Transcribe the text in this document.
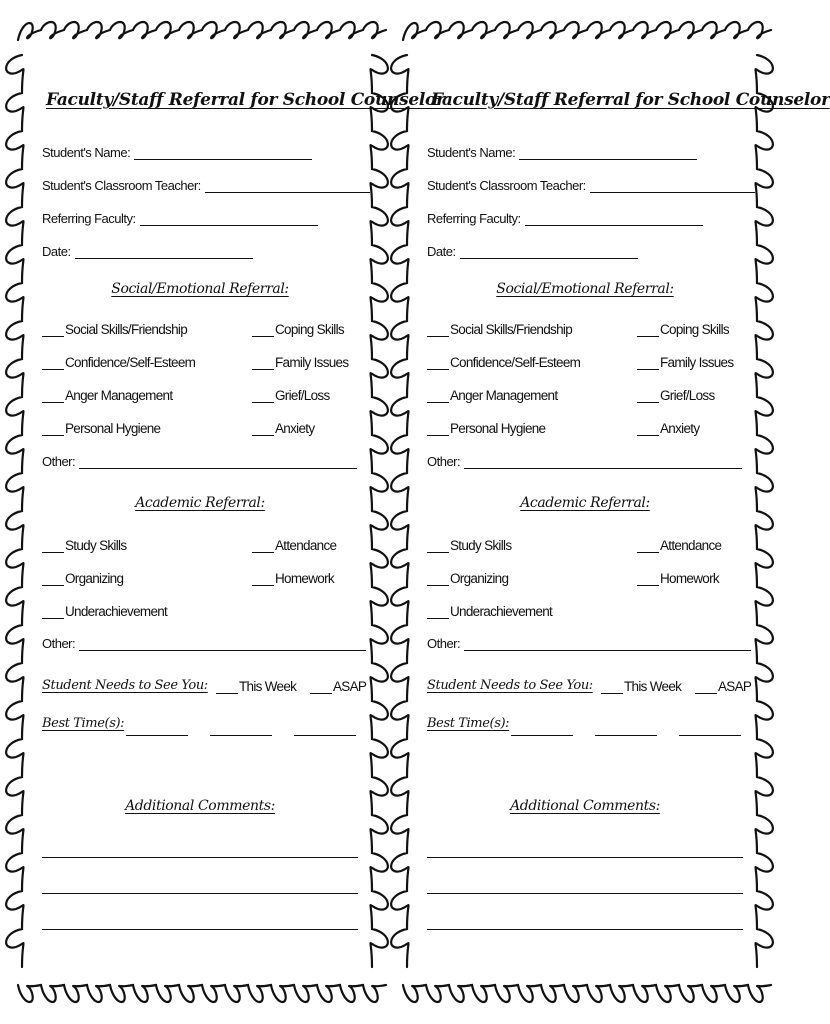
Faculty/Staff Referral for School Counselor
Student's Name:
Student's Classroom Teacher:
Referring Faculty:
Date:
Social/Emotional Referral:
Social Skills/Friendship
Confidence/Self-Esteem
Anger Management
Personal Hygiene
Coping Skills
Family Issues
Grief/Loss
Anxiety
Other:
Academic Referral:
Study Skills
Organizing
Underachievement
Attendance
Homework
Other:
Student Needs to See You: This Week	ASAP
Best Time(s):
Additional Comments:
Faculty/Staff Referral for School Counselor
Student's Name:
Student's Classroom Teacher:
Referring Faculty:
Date:
Social/Emotional Referral:
Social Skills/Friendship
Confidence/Self-Esteem
Anger Management
Personal Hygiene
Coping Skills
Family Issues
Grief/Loss
Anxiety
Other:
Academic Referral:
Study Skills
Organizing
Underachievement
Attendance
Homework
Other:
Student Needs to See You: This Week	ASAP
Best Time(s):
Additional Comments:
